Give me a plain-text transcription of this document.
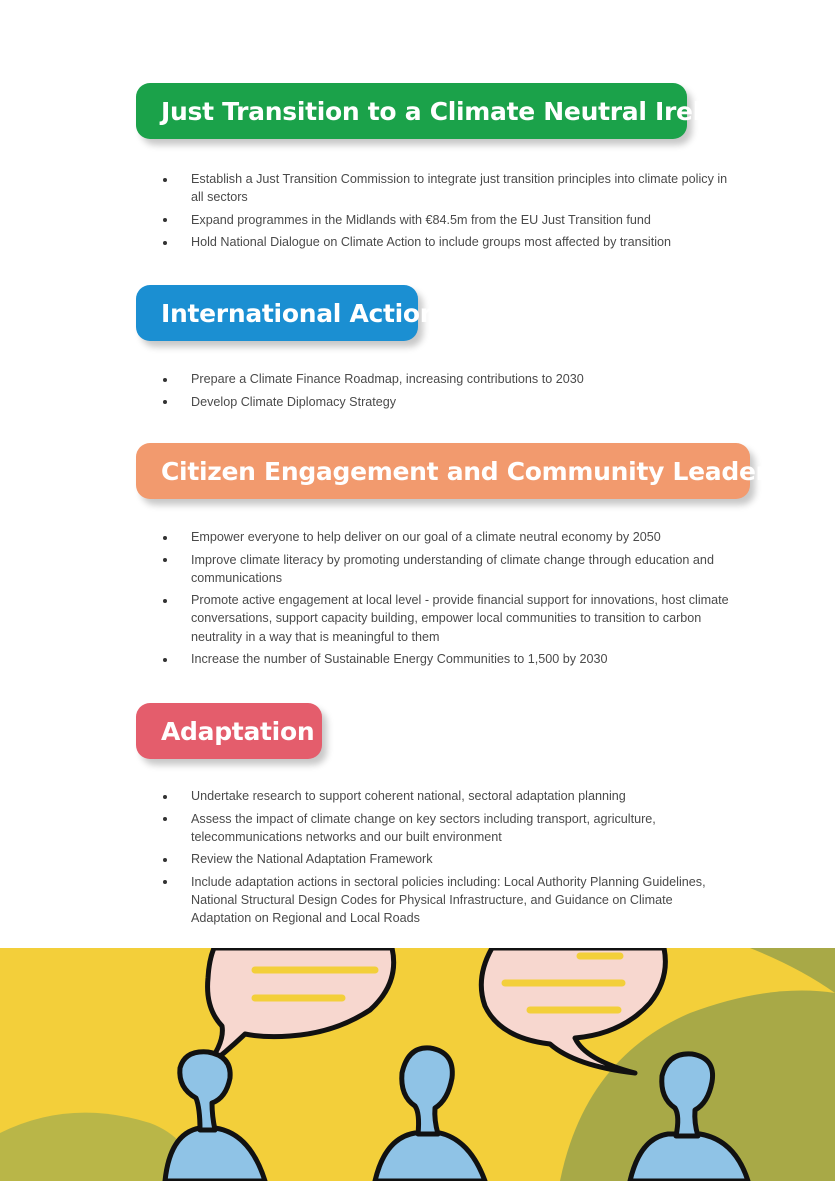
Just Transition to a Climate Neutral Ireland
Establish a Just Transition Commission to integrate just transition principles into climate policy in all sectors
Expand programmes in the Midlands with €84.5m from the EU Just Transition fund
Hold National Dialogue on Climate Action to include groups most affected by transition
International Action
Prepare a Climate Finance Roadmap, increasing contributions to 2030
Develop Climate Diplomacy Strategy
Citizen Engagement and Community Leadership
Empower everyone to help deliver on our goal of a climate neutral economy by 2050
Improve climate literacy by promoting understanding of climate change through education and communications
Promote active engagement at local level - provide financial support for innovations, host climate conversations, support capacity building, empower local communities to transition to carbon neutrality in a way that is meaningful to them
Increase the number of Sustainable Energy Communities to 1,500 by 2030
Adaptation
Undertake research to support coherent national, sectoral adaptation planning
Assess the impact of climate change on key sectors including transport, agriculture, telecommunications networks and our built environment
Review the National Adaptation Framework
Include adaptation actions in sectoral policies including: Local Authority Planning Guidelines, National Structural Design Codes for Physical Infrastructure, and Guidance on Climate Adaptation on Regional and Local Roads
